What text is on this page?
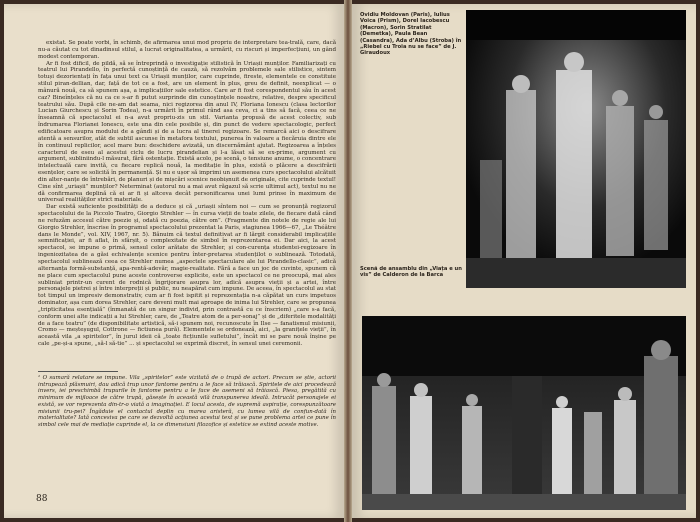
existat. Se poate vorbi, în schimb, de afirmarea unui mod propriu de interpretare tea-trală, care, dacă nu-a căutat cu tot dinadinsul stilul, a lucrat originalitatea, a urmărit, cu riscuri și imperfecțiuni, un gând modest contemporan.

Ar fi fost dificil, de pildă, să se întreprindă o investigație stilistică în Uriașii munților. Familiarizați cu teatrul lui Pirandello, în perfectă cunoștință de cauză, să rezolvăm problemele sale stilistice, sintem totuși dezorientați în fața unui text ca Uriașii munților, care cuprinde, fireste, elementele ce constituie stilul piran-dellian, dar, față de tot ce a fost, are un element în plus, greu de definit, neexplicat — o mânură nouă, ca să spunem așa, a implicațiilor sale estetice. Care ar fi fost corespondentul său în acest caz? Bineînțeles că nu ca ce s-ar fi putut surprinde din cunoștințele noastre, relative, despre specificul teatrului său. După cile ne-am dat seama, nici regizorea din anul IV, Floriana Ionescu (clasa lectorilor Lucian Giurchescu și Sorin Todea), n-a urmărit în primul rând asa ceva, ci a tins să facă, ceea ce ne înseamnă că spectacolul ei n-a avut propriu-zis un stil. Varianta propusă de acest colectiv, sub îndrumarea Florianei Ionescu, este una din cele posibile și, din punct de vedere spectacologic, perfect edificatoare asupra modului de a gândi și de a lucra al tinerei regizoare. Se remarcă aici o descifrare atentă a sensurilor, atât de subtil ascunse în metafora textului, punerea în valoare a fiecăruia dintre ele în continuul replicilor, acel mare bun: deschidere avizată, un discernământ ajutat. Regizoarea a înțeles caracterul de eseu al acestui ciclu de lucru pirandelian și l-a lăsat să se ex-prime, argument cu argument, subliniindu-l măsurat, fără ostentație. Există acolo, pe scenă, o tensiune anume, o concentrare intelectuală care invită, cu fiecare replică nouă, la meditație în plus, există o plăcere a descifrării esențelor, care se solicită în permanență. Și nu e ușor să imprimi un asemenea curs spectacolului alcătuit din alter-nanțe de întrebări, de planuri și de mișcări scenice neobișnuit de originale, cite cuprinde textul! Cine sînt „uriașii” munților? Neterminat (autorul nu a mai avut răgazul să scrie ultimul act), textul nu ne dă confirmarea deplină că ei ar fi și altceva decât personificarea unei lumi prinse în maximum de universal realităților strict materiale.

Dar există suficiente posibilități de a deduce și că „uriașii sîntem noi — cum se pronunță regizorul spectacolului de la Piccolo Teatro, Giorgio Strehler — în cursa vieții de toate zilele, de fiecare dată când ne refuzăm accesul către poezie și, odată cu poezia, către om”. (Fragmente din notele de regie ale lui Giorgio Strehler, înscrise în programul spectacolului prezentat la Paris, stagiunea 1966—67, „Le Théâtre dans le Monde”, vol. XIV, 1967, nr. 5). Bănuim că textul definitivat ar fi lărgit considerabil implicațiile semnificației, ar fi aflat, în sfârșit, o complexitate de simbol în reprezentarea ei. Dar aici, la acest spectacol, se impune o primă, sensul celor arătate de Strehler, și con-curența studentei-regizoare în ingeniozitatea de a găsi echivalențe scenice pentru înter-pretarea studențilot o sublinează. Totodată, spectacolul sublinează ceea ce Strehler numea „aspectele spectaculare ale lui Pirandello-clasic”, adică alternanța formă-substanță, apa-rentă-adevăr, magie-realitate. Fără a face un joc de cuvinte, spunem că ne place cum spectacolul pune aceste controverse explicite, este un spectacol ce ne preocupă, mai ales subliniat printr-un curent de rodnică îngrijorare asupra lor, adică asupra vieții și a artei, între personajele pietrei și între interpreții și public, nu neapărat cum impune. De aceea, în spectacolul au stat tot timpul un impresiv demonstrativ, cum ar fi fost ispitit și reprezentația n-a căpătat un curs impetuos dominator, așa cum dorea Strehler, care deveni mult mai aproape de inima lui Strehler, care se propunea „tripticitatea esențială” (înmanată de un singur individ, prin contrastă cu ce înscriem) „care s-a facă, conform unei alte indicații a lui Strehler, care, de „Teatre atom de a per-sonaj” și de „diferitele modalități de a face teatru” (de disponibilitate artistică, să-i spunem noi, recunoscute în Ilse — fanatismul misiunii, Cromo — meșteșugul, Cottrone — fictiunea pură). Elementele se ordonează, aici, „la granițele vieții”, în această vila „a spiritelor”, în jurul ideii că „toate ficțiunile sufletului”, încât mi se pare nouă înșine pe cale „pe-și-a spune, „să-l să-tie” ... și spectacolul se exprimă discret, în sensul unei ceremonii.

¹ O sumară relatare se impune. Vila „spiritelor” este vizitată de o trupă de actori. Precum se știe, actorii intrupează plăsmuiri, dau adică trup unor fantome pentru a le face să trăiască. Spiritele de aici procedează invers, iei preschimbă trupurile în fantome pentru a le face de asemeni să trăiască. Piesa, pregătită cu minimum de mijloace de către trupă, găsește în această vilă transpunerea ideală. Intrucât personajele ei există, se vor reprezenta din-tr-o viată a imaginației. E locul acesta, de supremă aspirație, corespunzătoare misiunii tru-pei? Îngăduie el contactul deplin cu marea aristeră, cu lumea vilă de confun-dată în materialitate? Iată concesiva pe care se dezvoltă acțiunea acestui text și se pune problema artei ce pune în simbol cele mai de mediație cuprinde el, la ce dimensiuni filozofice și estetice se extind aceste motive.
88
Ovidiu Moldovan (Paris), Iulius Voica (Prism), Dorel Iacobescu (Macron), Sorin Stratilat (Demetka), Paula Bean (Casandra), Ada d’Albu (Stroba) în „Riebel cu Troia nu se face” de J. Giraudoux
Scenă de ansamblu din „Viața e un vis” de Calderon de la Barca
